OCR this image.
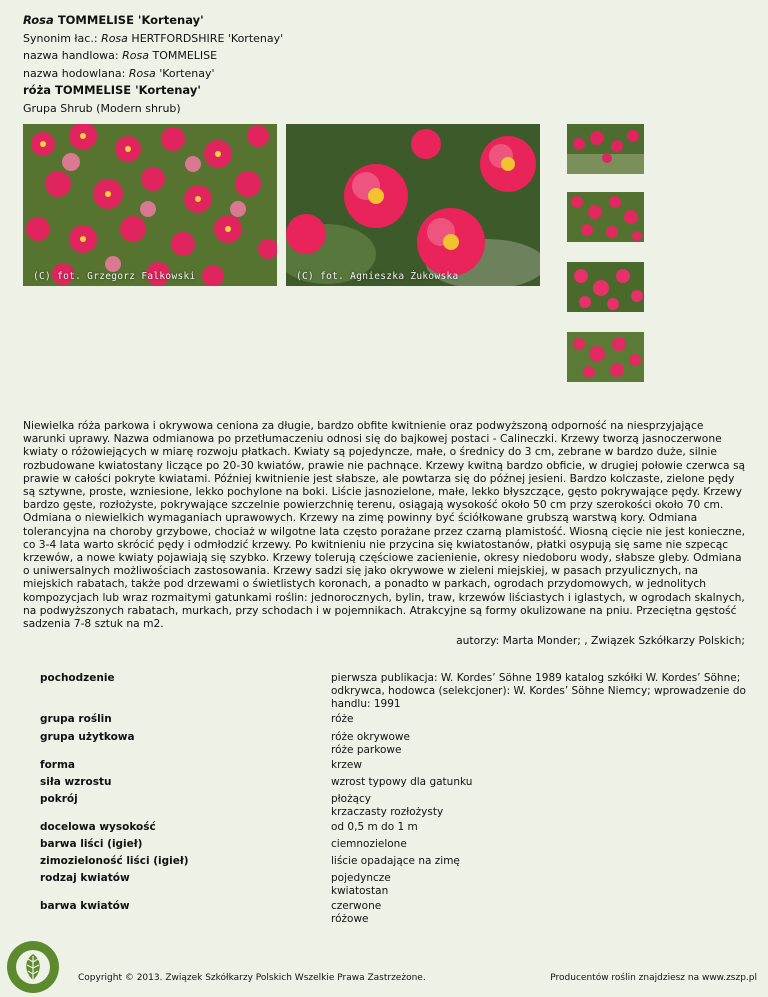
Rosa TOMMELISE 'Kortenay'
Synonim łac.: Rosa HERTFORDSHIRE 'Kortenay'
nazwa handlowa: Rosa TOMMELISE
nazwa hodowlana: Rosa 'Kortenay'
róża TOMMELISE 'Kortenay'
Grupa Shrub (Modern shrub)
(C) fot. Grzegorz Falkowski	(C) fot. Agnieszka Żukowska
Niewielka róża parkowa i okrywowa ceniona za długie, bardzo obfite kwitnienie oraz podwyższoną odporność na niesprzyjające warunki uprawy. Nazwa odmianowa po przetłumaczeniu odnosi się do bajkowej postaci - Calineczki. Krzewy tworzą jasnoczerwone kwiaty o różowiejących w miarę rozwoju płatkach. Kwiaty są pojedyncze, małe, o średnicy do 3 cm, zebrane w bardzo duże, silnie rozbudowane kwiatostany liczące po 20-30 kwiatów, prawie nie pachnące. Krzewy kwitną bardzo obficie, w drugiej połowie czerwca są prawie w całości pokryte kwiatami. Później kwitnienie jest słabsze, ale powtarza się do późnej jesieni. Bardzo kolczaste, zielone pędy są sztywne, proste, wzniesione, lekko pochylone na boki. Liście jasnozielone, małe, lekko błyszczące, gęsto pokrywające pędy. Krzewy bardzo gęste, rozłożyste, pokrywające szczelnie powierzchnię terenu, osiągają wysokość około 50 cm przy szerokości około 70 cm. Odmiana o niewielkich wymaganiach uprawowych. Krzewy na zimę powinny być ściółkowane grubszą warstwą kory. Odmiana tolerancyjna na choroby grzybowe, chociaż w wilgotne lata często porażane przez czarną plamistość. Wiosną cięcie nie jest konieczne, co 3-4 lata warto skrócić pędy i odmłodzić krzewy. Po kwitnieniu nie przycina się kwiatostanów, płatki osypują się same nie szpecąc krzewów, a nowe kwiaty pojawiają się szybko. Krzewy tolerują częściowe zacienienie, okresy niedoboru wody, słabsze gleby. Odmiana o uniwersalnych możliwościach zastosowania. Krzewy sadzi się jako okrywowe w zieleni miejskiej, w pasach przyulicznych, na miejskich rabatach, także pod drzewami o świetlistych koronach, a ponadto w parkach, ogrodach przydomowych, w jednolitych kompozycjach lub wraz rozmaitymi gatunkami roślin: jednorocznych, bylin, traw, krzewów liściastych i iglastych, w ogrodach skalnych, na podwyższonych rabatach, murkach, przy schodach i w pojemnikach. Atrakcyjne są formy okulizowane na pniu. Przeciętna gęstość sadzenia 7-8 sztuk na m2.
autorzy: Marta Monder; , Związek Szkółkarzy Polskich;
pochodzenie	pierwsza publikacja: W. Kordes’ Söhne 1989 katalog szkółki W. Kordes’ Söhne; odkrywca, hodowca (selekcjoner): W. Kordes’ Söhne Niemcy; wprowadzenie do handlu: 1991
grupa roślin	róże
grupa użytkowa	róże okrywowe
róże parkowe
forma	krzew
siła wzrostu	wzrost typowy dla gatunku
pokrój	płożący
krzaczasty rozłożysty
docelowa wysokość	od 0,5 m do 1 m
barwa liści (igieł)	ciemnozielone
zimozieloność liści (igieł)	liście opadające na zimę
rodzaj kwiatów	pojedyncze
kwiatostan
barwa kwiatów	czerwone
różowe
Copyright © 2013. Związek Szkółkarzy Polskich Wszelkie Prawa Zastrzeżone.	Producentów roślin znajdziesz na www.zszp.pl
